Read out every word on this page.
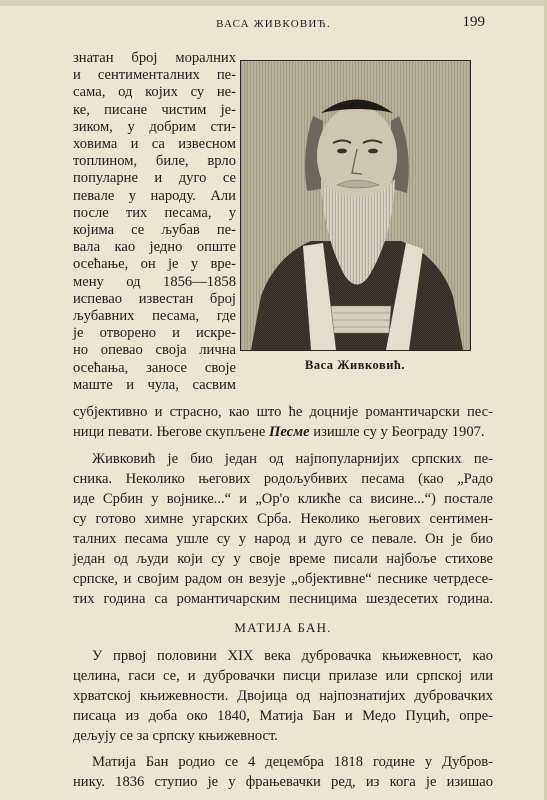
ВАСА ЖИВКОВИЋ.	199
Васа Живковић.
знатан број моралних
и сентименталних пе-
сама, од којих су не-
ке, писане чистим је-
зиком, у добрим сти-
ховима и са извесном
топлином, биле, врло
популарне и дуго се
певале у народу. Али
после тих песама, у
којима се љубав пе-
вала као једно опште
осећање, он је у вре-
мену од 1856—1858
испевао известан број
љубавних песама, где
је отворено и искре-
но опевао своја лична
осећања, заносе своје
маште и чула, сасвим
субјективно и страсно, као што ће доцније романтичарски пес-
ници певати. Његове скупљене Песме изишле су у Београду 1907.
Живковић је био један од најпопуларнијих српских пе-
сника. Неколико његових родољубивих песама (као „Радо
иде Србин у војнике...“ и „Ор'о кликће са висине...“) постале
су готово химне угарских Срба. Неколико његових сентимен-
талних песама ушле су у народ и дуго се певале. Он је био
један од људи који су у своје време писали најбоље стихове
српске, и својим радом он везује „објективне“ песнике четрдесе-
тих година са романтичарским песницима шездесетих година.
МАТИЈА БАН.
У првој половини XIX века дубровачка књижевност, као
целина, гаси се, и дубровачки писци прилазе или српској или
хрватској књижевности. Двојица од најпознатијих дубровачких
писаца из доба око 1840, Матија Бан и Медо Пуцић, опре-
дељују се за српску књижевност.
Матија Бан родио се 4 децембра 1818 године у Дубров-
нику. 1836 ступио је у фрањевачки ред, из кога је изишао
